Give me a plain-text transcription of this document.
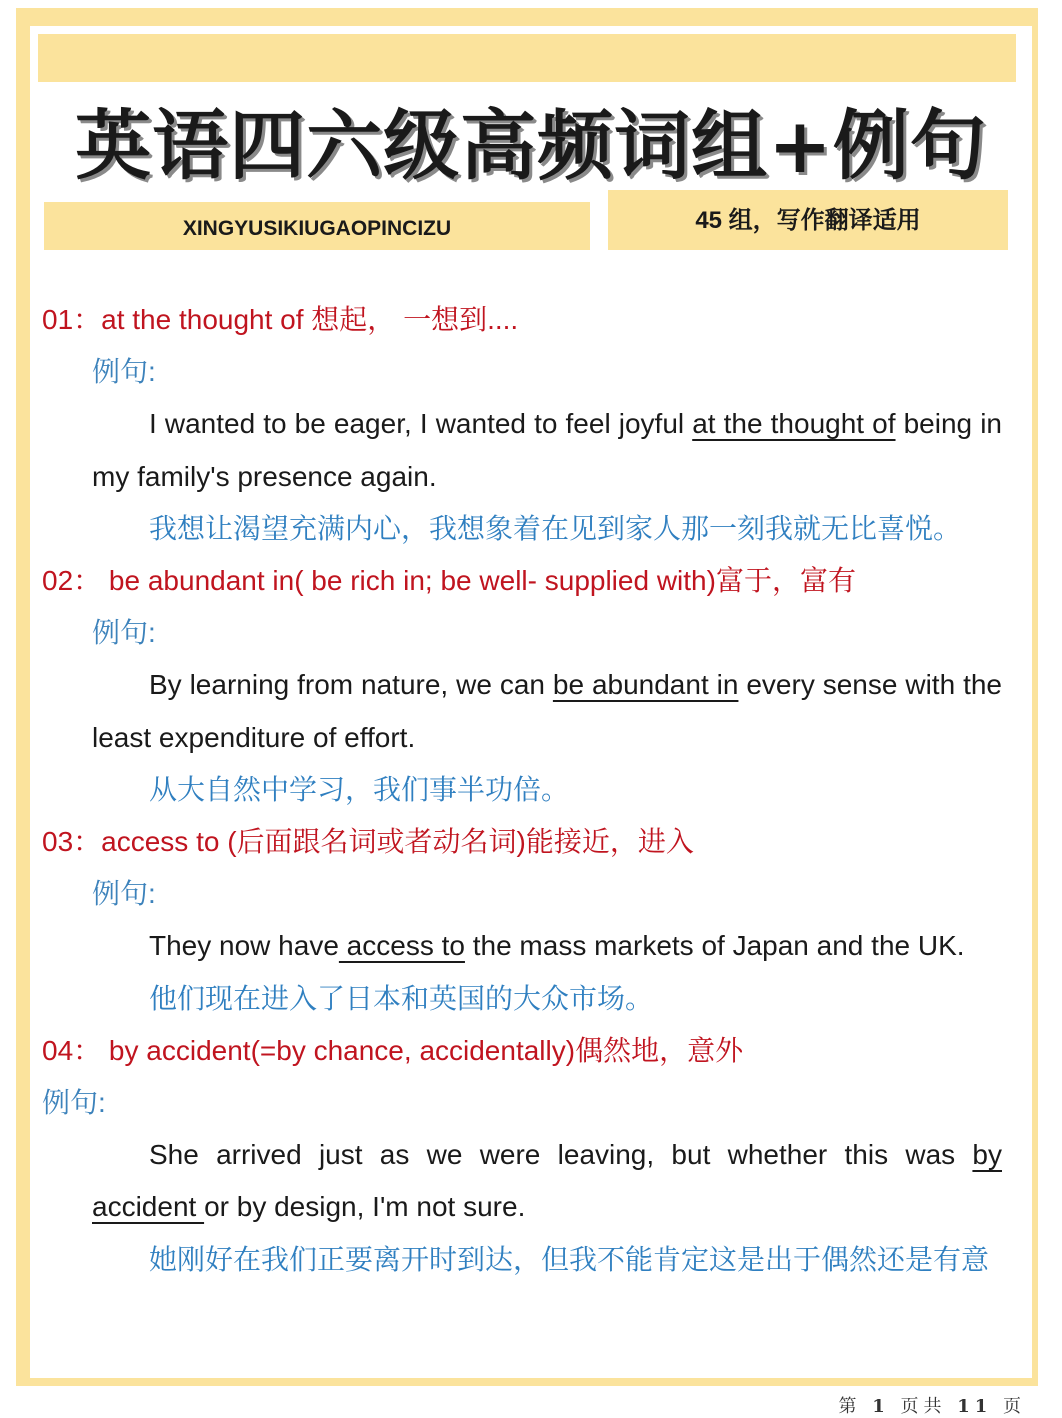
英语四六级高频词组+例句
XINGYUSIKIUGAOPINCIZU	45 组，写作翻译适用
01：at the thought of 想起， 一想到....
例句:
I wanted to be eager, I wanted to feel joyful at the thought of being in my family's presence again.
我想让渴望充满内心，我想象着在见到家人那一刻我就无比喜悦。
02： be abundant in( be rich in; be well- supplied with)富于，富有
例句:
By learning from nature, we can be abundant in every sense with the least expenditure of effort.
从大自然中学习，我们事半功倍。
03：access to (后面跟名词或者动名词)能接近，进入
例句:
They now have access to the mass markets of Japan and the UK.
他们现在进入了日本和英国的大众市场。
04： by accident(=by chance, accidentally)偶然地，意外
例句:
She arrived just as we were leaving, but whether this was by accident or by design, I'm not sure.
她刚好在我们正要离开时到达，但我不能肯定这是出于偶然还是有意
第 1 页共 11 页
